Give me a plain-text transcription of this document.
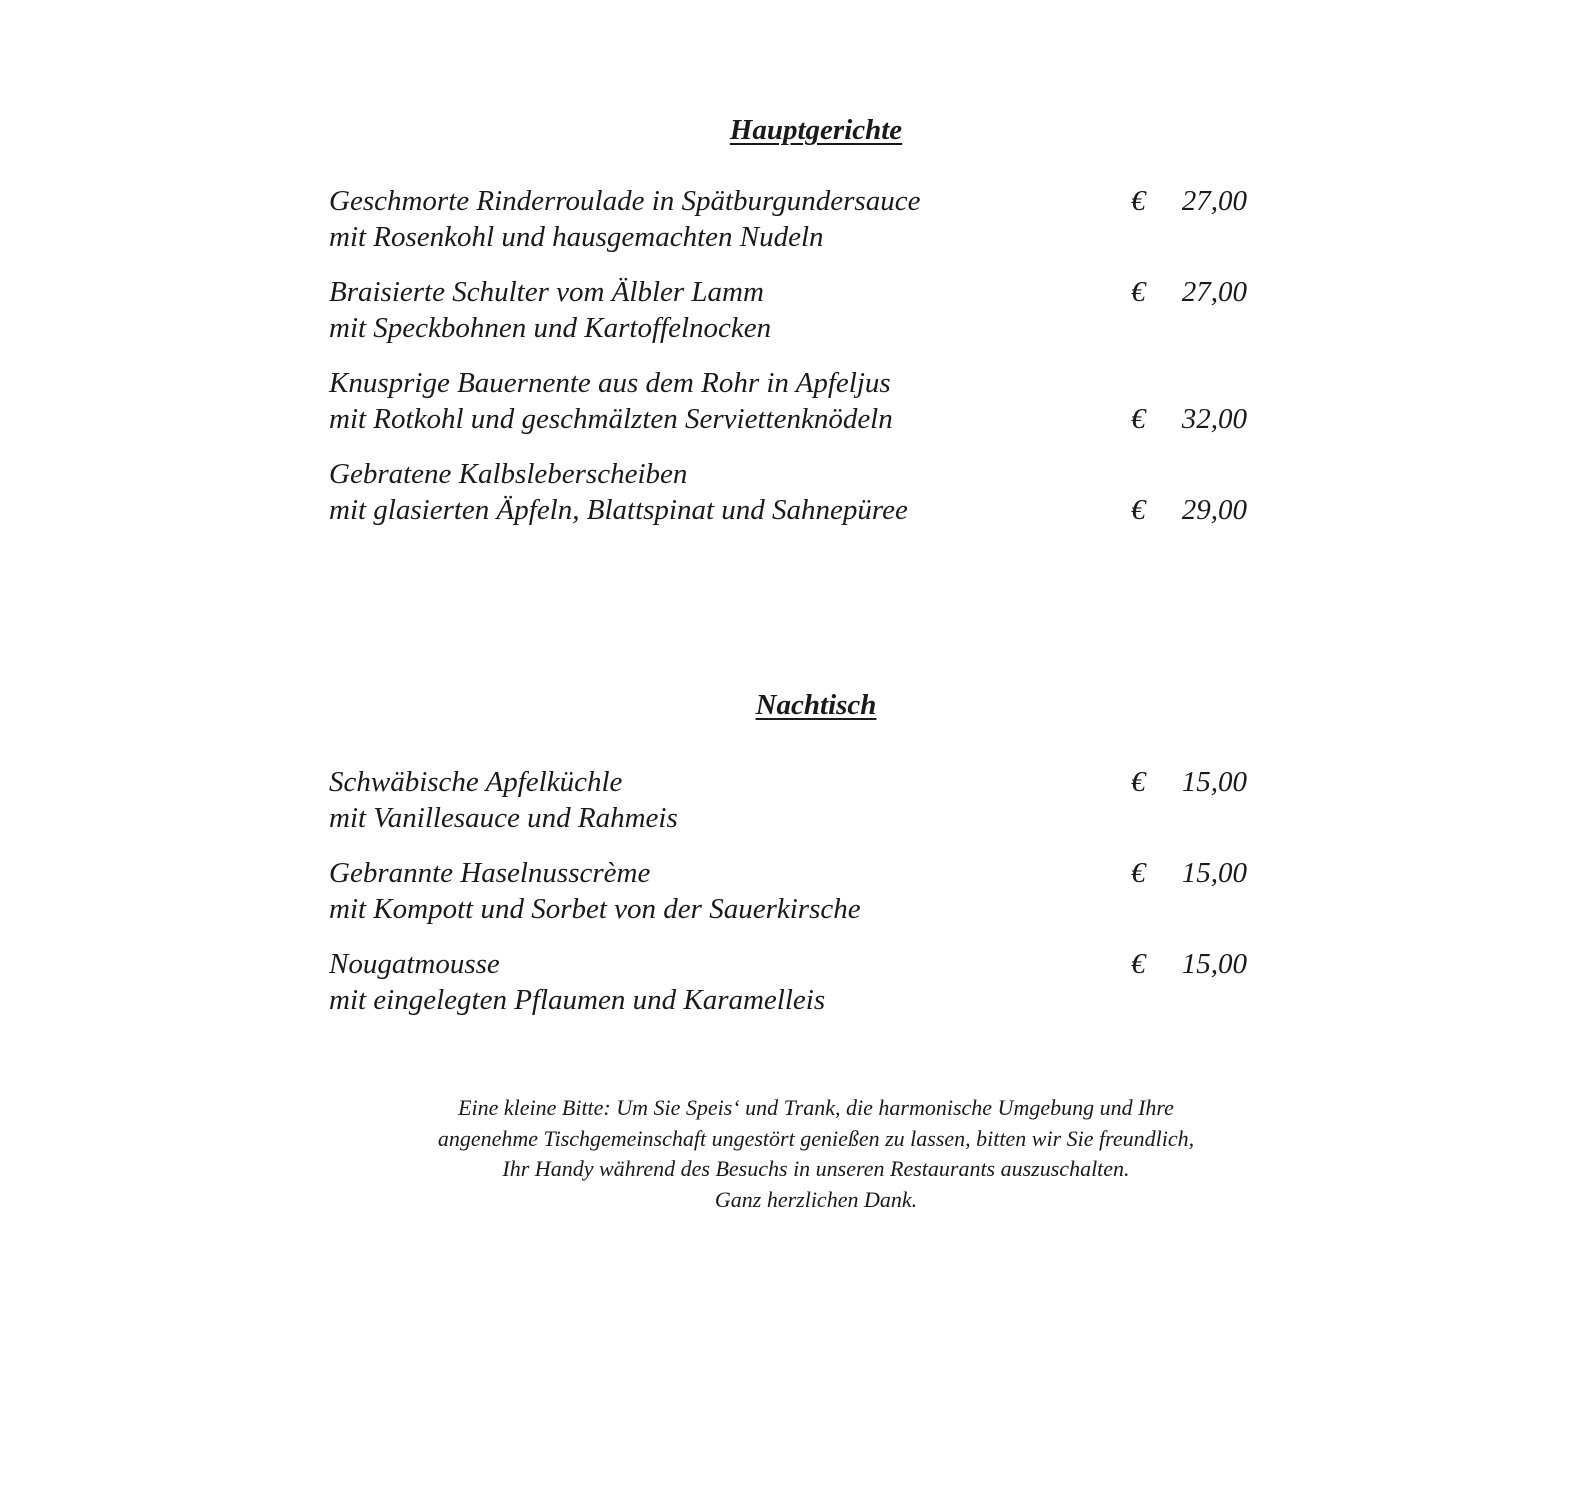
Hauptgerichte
Geschmorte Rinderroulade in Spätburgundersauce
mit Rosenkohl und hausgemachten Nudeln
€ 27,00
Braisierte Schulter vom Älbler Lamm
mit Speckbohnen und Kartoffelnocken
€ 27,00
Knusprige Bauernente aus dem Rohr in Apfeljus
mit Rotkohl und geschmälzten Serviettenknödeln	€ 32,00
Gebratene Kalbsleberscheiben
mit glasierten Äpfeln, Blattspinat und Sahnepüree	€ 29,00
Nachtisch
Schwäbische Apfelküchle
mit Vanillesauce und Rahmeis
€ 15,00
Gebrannte Haselnusscrème
mit Kompott und Sorbet von der Sauerkirsche
€ 15,00
Nougatmousse
mit eingelegten Pflaumen und Karamelleis
€ 15,00
Eine kleine Bitte: Um Sie Speis‘ und Trank, die harmonische Umgebung und Ihre
angenehme Tischgemeinschaft ungestört genießen zu lassen, bitten wir Sie freundlich,
Ihr Handy während des Besuchs in unseren Restaurants auszuschalten.
Ganz herzlichen Dank.
